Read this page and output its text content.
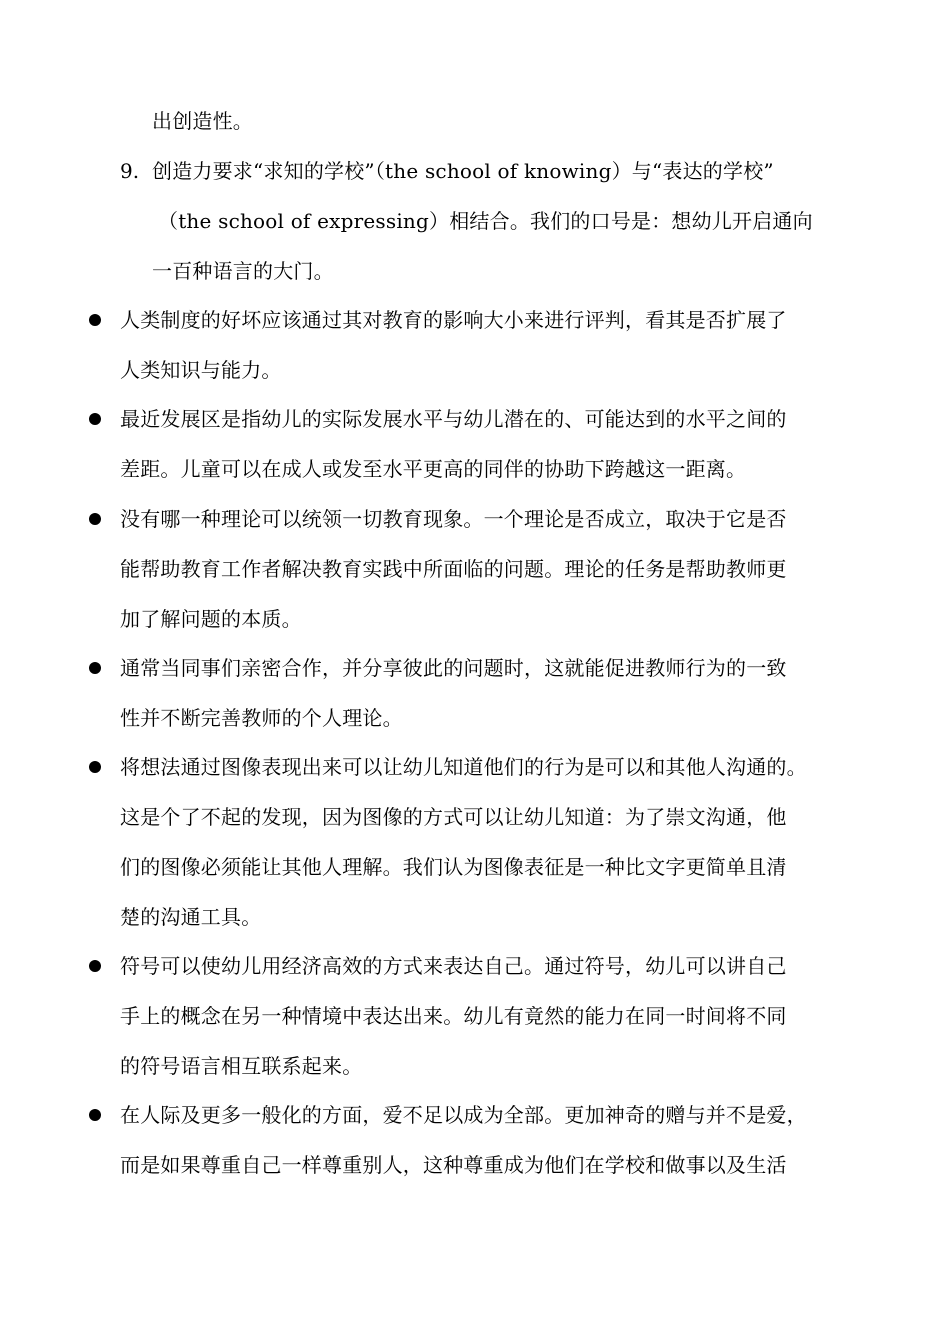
出创造性。
9. 创造力要求“求知的学校”（the school of knowing）与“表达的学校”
（the school of expressing）相结合。我们的口号是：想幼儿开启通向
一百种语言的大门。
人类制度的好坏应该通过其对教育的影响大小来进行评判，看其是否扩展了
人类知识与能力。
最近发展区是指幼儿的实际发展水平与幼儿潜在的、可能达到的水平之间的
差距。儿童可以在成人或发至水平更高的同伴的协助下跨越这一距离。
没有哪一种理论可以统领一切教育现象。一个理论是否成立，取决于它是否
能帮助教育工作者解决教育实践中所面临的问题。理论的任务是帮助教师更
加了解问题的本质。
通常当同事们亲密合作，并分享彼此的问题时，这就能促进教师行为的一致
性并不断完善教师的个人理论。
将想法通过图像表现出来可以让幼儿知道他们的行为是可以和其他人沟通的。
这是个了不起的发现，因为图像的方式可以让幼儿知道：为了崇文沟通，他
们的图像必须能让其他人理解。我们认为图像表征是一种比文字更简单且清
楚的沟通工具。
符号可以使幼儿用经济高效的方式来表达自己。通过符号，幼儿可以讲自己
手上的概念在另一种情境中表达出来。幼儿有竟然的能力在同一时间将不同
的符号语言相互联系起来。
在人际及更多一般化的方面，爱不足以成为全部。更加神奇的赠与并不是爱，
而是如果尊重自己一样尊重别人，这种尊重成为他们在学校和做事以及生活
